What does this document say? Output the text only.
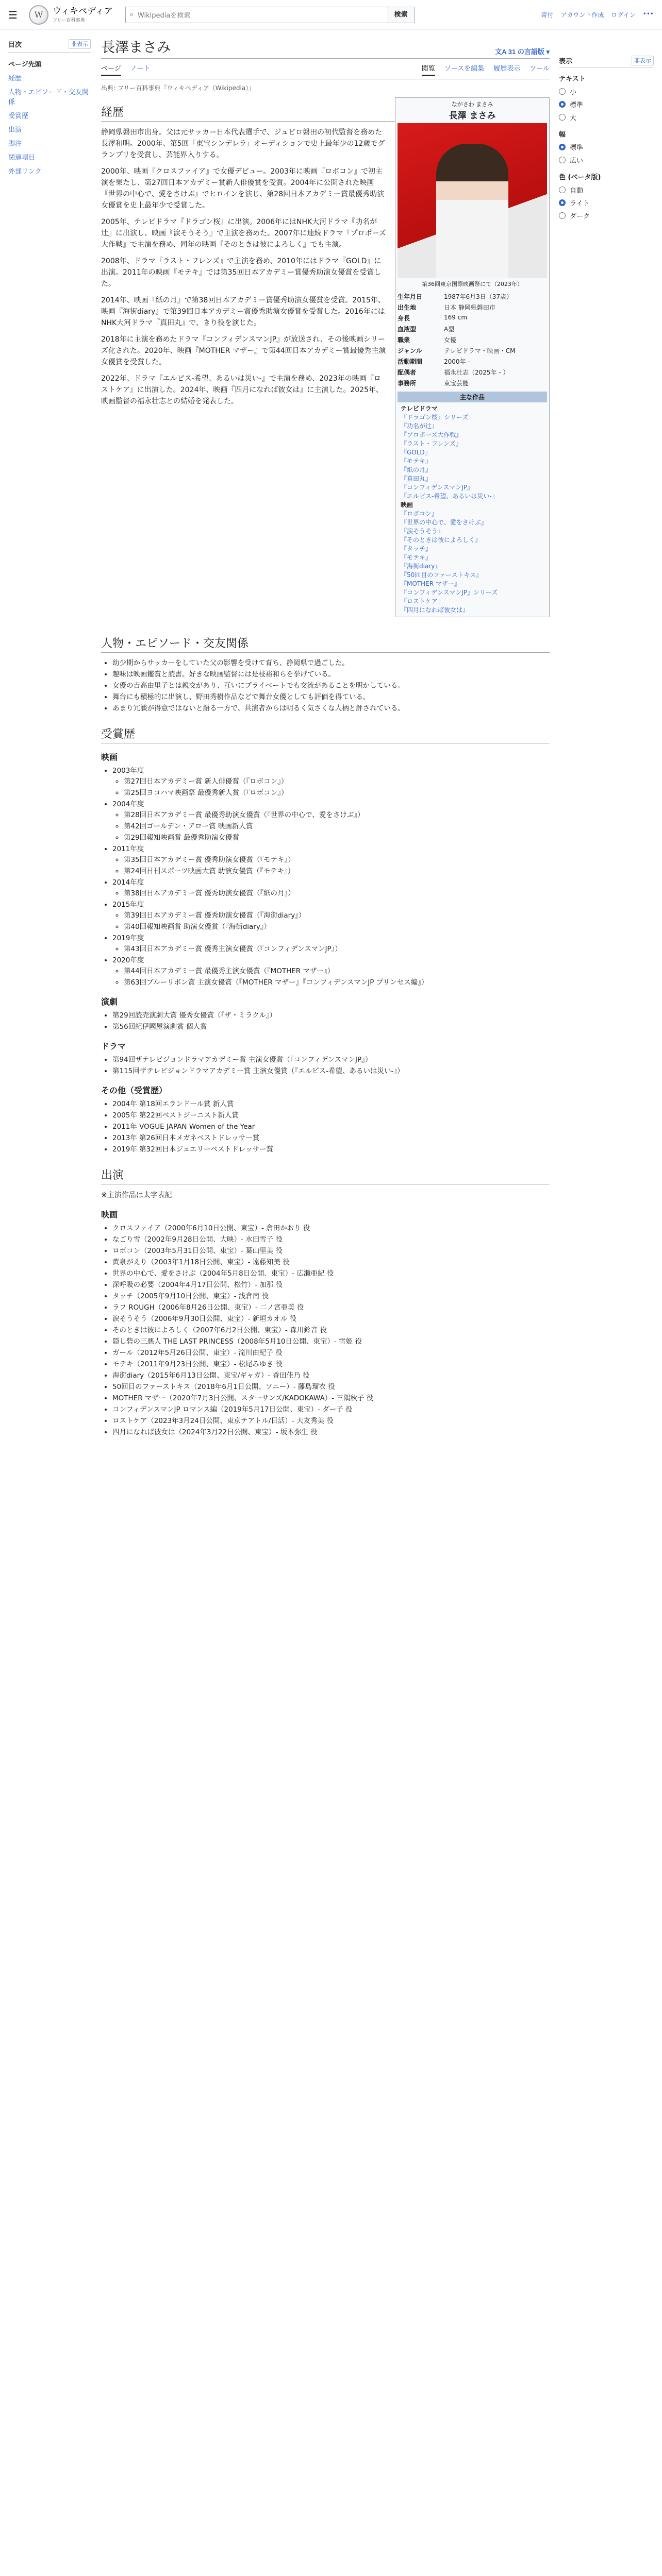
☰	W	ウィキペディア
フリー百科事典
⌕ Wikipediaを検索	検索	寄付 アカウント作成 ログイン •••
目次	非表示
ページ先頭
経歴
人物・エピソード・交友関係
受賞歴
出演
脚注
関連項目
外部リンク
長澤まさみ	文A 31 の言語版 ▾
ページ ノート	閲覧 ソースを編集 履歴表示 ツール
出典: フリー百科事典『ウィキペディア（Wikipedia）』
ながさわ まさみ
長澤 まさみ
第36回東京国際映画祭にて（2023年）
生年月日	1987年6月3日（37歳）
出生地	日本 静岡県磐田市
身長	169 cm
血液型	A型
職業	女優
ジャンル	テレビドラマ・映画・CM
活動期間	2000年 -
配偶者	福永壮志（2025年 - ）
事務所	東宝芸能
主な作品
テレビドラマ
『ドラゴン桜』シリーズ
『功名が辻』
『プロポーズ大作戦』
『ラスト・フレンズ』
『GOLD』
『モテキ』
『紙の月』
『真田丸』
『コンフィデンスマンJP』
『エルピス-希望、あるいは災い-』
映画
『ロボコン』
『世界の中心で、愛をさけぶ』
『涙そうそう』
『そのときは彼によろしく』
『タッチ』
『モテキ』
『海街diary』
『50回目のファーストキス』
『MOTHER マザー』
『コンフィデンスマンJP』シリーズ
『ロストケア』
『四月になれば彼女は』
経歴

静岡県磐田市出身。父は元サッカー日本代表選手で、ジュビロ磐田の初代監督を務めた長澤和明。2000年、第5回「東宝シンデレラ」オーディションで史上最年少の12歳でグランプリを受賞し、芸能界入りする。

2000年、映画『クロスファイア』で女優デビュー。2003年に映画『ロボコン』で初主演を果たし、第27回日本アカデミー賞新人俳優賞を受賞。2004年に公開された映画『世界の中心で、愛をさけぶ』でヒロインを演じ、第28回日本アカデミー賞最優秀助演女優賞を史上最年少で受賞した。

2005年、テレビドラマ『ドラゴン桜』に出演。2006年にはNHK大河ドラマ『功名が辻』に出演し、映画『涙そうそう』で主演を務めた。2007年に連続ドラマ『プロポーズ大作戦』で主演を務め、同年の映画『そのときは彼によろしく』でも主演。

2008年、ドラマ『ラスト・フレンズ』で主演を務め、2010年にはドラマ『GOLD』に出演。2011年の映画『モテキ』では第35回日本アカデミー賞優秀助演女優賞を受賞した。

2014年、映画『紙の月』で第38回日本アカデミー賞優秀助演女優賞を受賞。2015年、映画『海街diary』で第39回日本アカデミー賞優秀助演女優賞を受賞した。2016年にはNHK大河ドラマ『真田丸』で、きり役を演じた。

2018年に主演を務めたドラマ『コンフィデンスマンJP』が放送され、その後映画シリーズ化された。2020年、映画『MOTHER マザー』で第44回日本アカデミー賞最優秀主演女優賞を受賞した。

2022年、ドラマ『エルピス-希望、あるいは災い-』で主演を務め、2023年の映画『ロストケア』に出演した。2024年、映画『四月になれば彼女は』に主演した。2025年、映画監督の福永壮志との結婚を発表した。

人物・エピソード・交友関係
• 幼少期からサッカーをしていた父の影響を受けて育ち、静岡県で過ごした。
• 趣味は映画鑑賞と読書。好きな映画監督には是枝裕和らを挙げている。
• 女優の吉高由里子とは親交があり、互いにプライベートでも交流があることを明かしている。
• 舞台にも積極的に出演し、野田秀樹作品などで舞台女優としても評価を得ている。
• あまり冗談が得意ではないと語る一方で、共演者からは明るく気さくな人柄と評されている。
受賞歴
映画
• 2003年度
◦ 第27回日本アカデミー賞 新人俳優賞（『ロボコン』）
◦ 第25回ヨコハマ映画祭 最優秀新人賞（『ロボコン』）
• 2004年度
◦ 第28回日本アカデミー賞 最優秀助演女優賞（『世界の中心で、愛をさけぶ』）
◦ 第42回ゴールデン・アロー賞 映画新人賞
◦ 第29回報知映画賞 最優秀助演女優賞
• 2011年度
◦ 第35回日本アカデミー賞 優秀助演女優賞（『モテキ』）
◦ 第24回日刊スポーツ映画大賞 助演女優賞（『モテキ』）
• 2014年度
◦ 第38回日本アカデミー賞 優秀助演女優賞（『紙の月』）
• 2015年度
◦ 第39回日本アカデミー賞 優秀助演女優賞（『海街diary』）
◦ 第40回報知映画賞 助演女優賞（『海街diary』）
• 2019年度
◦ 第43回日本アカデミー賞 優秀主演女優賞（『コンフィデンスマンJP』）
• 2020年度
◦ 第44回日本アカデミー賞 最優秀主演女優賞（『MOTHER マザー』）
◦ 第63回ブルーリボン賞 主演女優賞（『MOTHER マザー』『コンフィデンスマンJP プリンセス編』）
演劇
• 第29回読売演劇大賞 優秀女優賞（『ザ・ミラクル』）
• 第56回紀伊國屋演劇賞 個人賞
ドラマ
• 第94回ザテレビジョンドラマアカデミー賞 主演女優賞（『コンフィデンスマンJP』）
• 第115回ザテレビジョンドラマアカデミー賞 主演女優賞（『エルピス-希望、あるいは災い-』）
その他（受賞歴）
• 2004年 第18回エランドール賞 新人賞
• 2005年 第22回ベストジーニスト新人賞
• 2011年 VOGUE JAPAN Women of the Year
• 2013年 第26回日本メガネベストドレッサー賞
• 2019年 第32回日本ジュエリーベストドレッサー賞
出演

※主演作品は太字表記

映画
• クロスファイア（2000年6月10日公開、東宝）- 倉田かおり 役
• なごり雪（2002年9月28日公開、大映）- 水田雪子 役
• ロボコン（2003年5月31日公開、東宝）- 葉山里美 役
• 黄泉がえり（2003年1月18日公開、東宝）- 遠藤知美 役
• 世界の中心で、愛をさけぶ（2004年5月8日公開、東宝）- 広瀬亜紀 役
• 深呼吸の必要（2004年4月17日公開、松竹）- 加那 役
• タッチ（2005年9月10日公開、東宝）- 浅倉南 役
• ラフ ROUGH（2006年8月26日公開、東宝）- 二ノ宮亜美 役
• 涙そうそう（2006年9月30日公開、東宝）- 新垣カオル 役
• そのときは彼によろしく（2007年6月2日公開、東宝）- 森川鈴音 役
• 隠し砦の三悪人 THE LAST PRINCESS（2008年5月10日公開、東宝）- 雪姫 役
• ガール（2012年5月26日公開、東宝）- 滝川由紀子 役
• モテキ（2011年9月23日公開、東宝）- 松尾みゆき 役
• 海街diary（2015年6月13日公開、東宝/ギャガ）- 香田佳乃 役
• 50回目のファーストキス（2018年6月1日公開、ソニー）- 藤島瑠衣 役
• MOTHER マザー（2020年7月3日公開、スターサンズ/KADOKAWA）- 三隅秋子 役
• コンフィデンスマンJP ロマンス編（2019年5月17日公開、東宝）- ダー子 役
• ロストケア（2023年3月24日公開、東京テアトル/日活）- 大友秀美 役
• 四月になれば彼女は（2024年3月22日公開、東宝）- 坂本弥生 役
表示	非表示
テキスト
小
標準
大
幅
標準
広い
色 (ベータ版)
自動
ライト
ダーク
